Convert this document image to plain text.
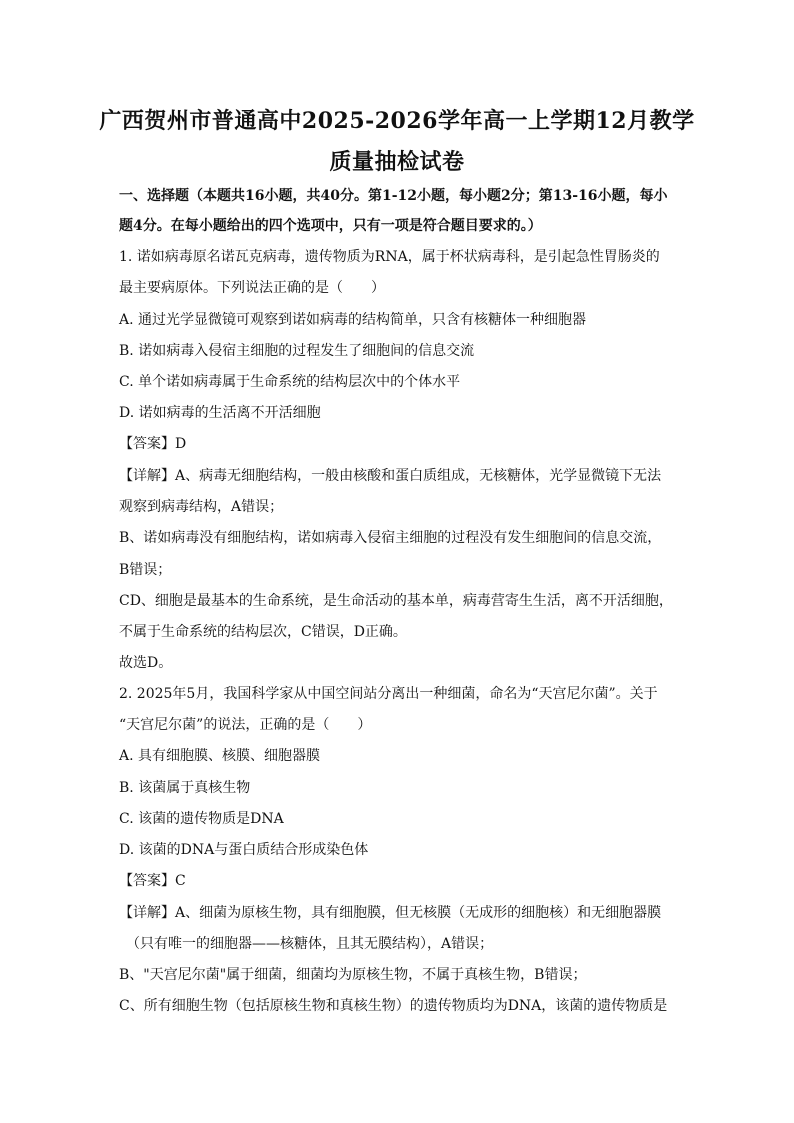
广西贺州市普通高中2025-2026学年高一上学期12月教学
质量抽检试卷
一、选择题（本题共16小题，共40分。第1-12小题，每小题2分；第13-16小题，每小
题4分。在每小题给出的四个选项中，只有一项是符合题目要求的。）
1. 诺如病毒原名诺瓦克病毒，遗传物质为RNA，属于杯状病毒科，是引起急性胃肠炎的
最主要病原体。下列说法正确的是（　　）
A. 通过光学显微镜可观察到诺如病毒的结构简单，只含有核糖体一种细胞器
B. 诺如病毒入侵宿主细胞的过程发生了细胞间的信息交流
C. 单个诺如病毒属于生命系统的结构层次中的个体水平
D. 诺如病毒的生活离不开活细胞
【答案】D
【详解】A、病毒无细胞结构，一般由核酸和蛋白质组成，无核糖体，光学显微镜下无法
观察到病毒结构，A错误；
B、诺如病毒没有细胞结构，诺如病毒入侵宿主细胞的过程没有发生细胞间的信息交流，
B错误；
CD、细胞是最基本的生命系统，是生命活动的基本单，病毒营寄生生活，离不开活细胞，
不属于生命系统的结构层次，C错误，D正确。
故选D。
2. 2025年5月，我国科学家从中国空间站分离出一种细菌，命名为“天宫尼尔菌”。关于
“天宫尼尔菌”的说法，正确的是（　　）
A. 具有细胞膜、核膜、细胞器膜
B. 该菌属于真核生物
C. 该菌的遗传物质是DNA
D. 该菌的DNA与蛋白质结合形成染色体
【答案】C
【详解】A、细菌为原核生物，具有细胞膜，但无核膜（无成形的细胞核）和无细胞器膜
（只有唯一的细胞器——核糖体，且其无膜结构），A错误；
B、"天宫尼尔菌"属于细菌，细菌均为原核生物，不属于真核生物，B错误；
C、所有细胞生物（包括原核生物和真核生物）的遗传物质均为DNA，该菌的遗传物质是
